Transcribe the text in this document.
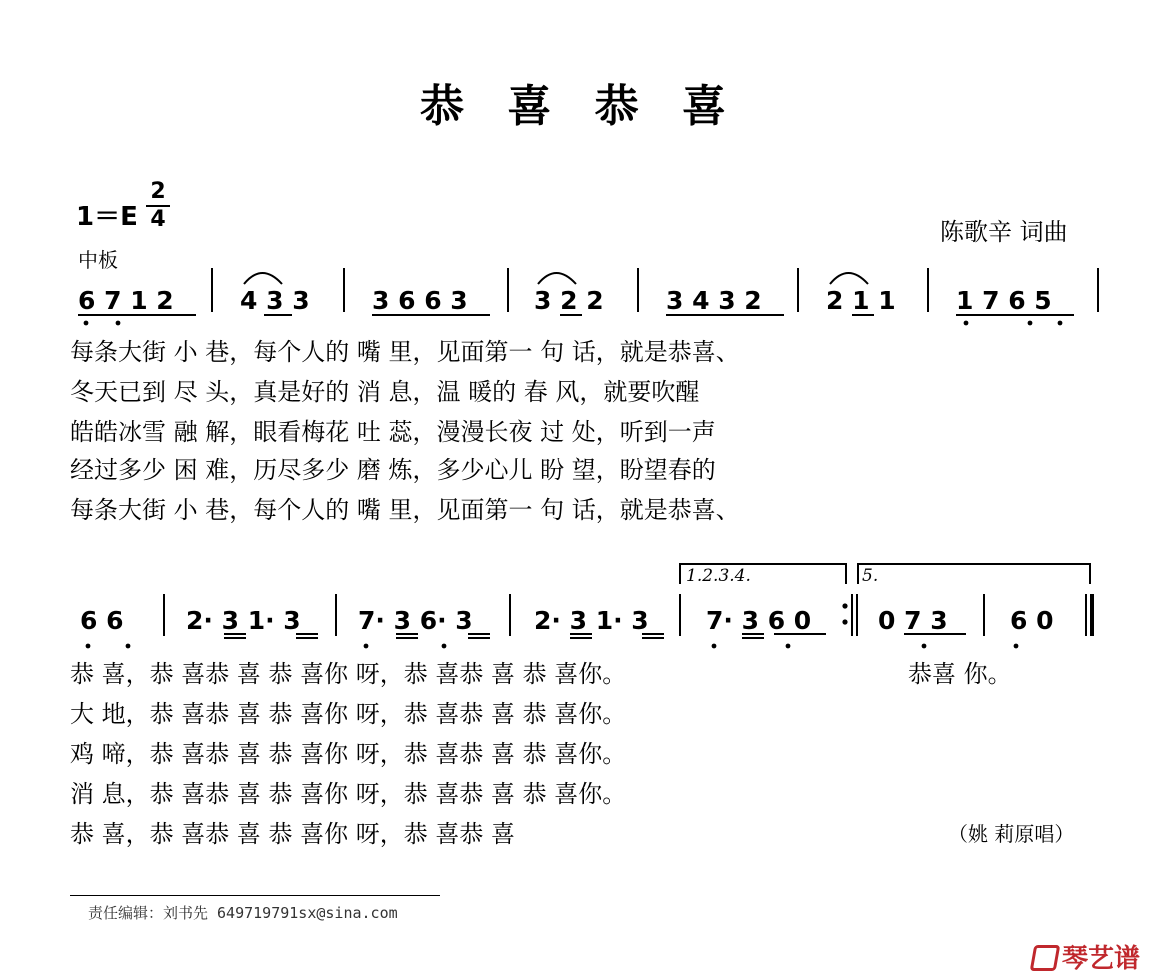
恭 喜 恭 喜
1＝E
2
4
中板
陈歌辛 词曲
6 7 1 2	4 3 3 3 6 6 3	3 2 2 3 4 3 2	2 1 1 1 7 6 5
每条大街 小 巷，每个人的 嘴 里，见面第一 句 话，就是恭喜、
冬天已到 尽 头，真是好的 消 息，温 暖的 春 风，就要吹醒
皓皓冰雪 融 解，眼看梅花 吐 蕊，漫漫长夜 过 处，听到一声
经过多少 困 难，历尽多少 磨 炼，多少心儿 盼 望，盼望春的
每条大街 小 巷，每个人的 嘴 里，见面第一 句 话，就是恭喜、
1.2.3.4.	5.
6 6	2· 3 1· 3 7· 3 6· 3 2· 3 1· 3 7· 3 6 0	0 7 3 6 0
恭 喜，恭 喜恭 喜 恭 喜你 呀，恭 喜恭 喜 恭 喜你。
大 地，恭 喜恭 喜 恭 喜你 呀，恭 喜恭 喜 恭 喜你。
鸡 啼，恭 喜恭 喜 恭 喜你 呀，恭 喜恭 喜 恭 喜你。
消 息，恭 喜恭 喜 恭 喜你 呀，恭 喜恭 喜 恭 喜你。
恭 喜，恭 喜恭 喜 恭 喜你 呀，恭 喜恭 喜
恭喜 你。
（姚 莉原唱）
责任编辑：刘书先 649719791sx@sina.com
琴艺谱
